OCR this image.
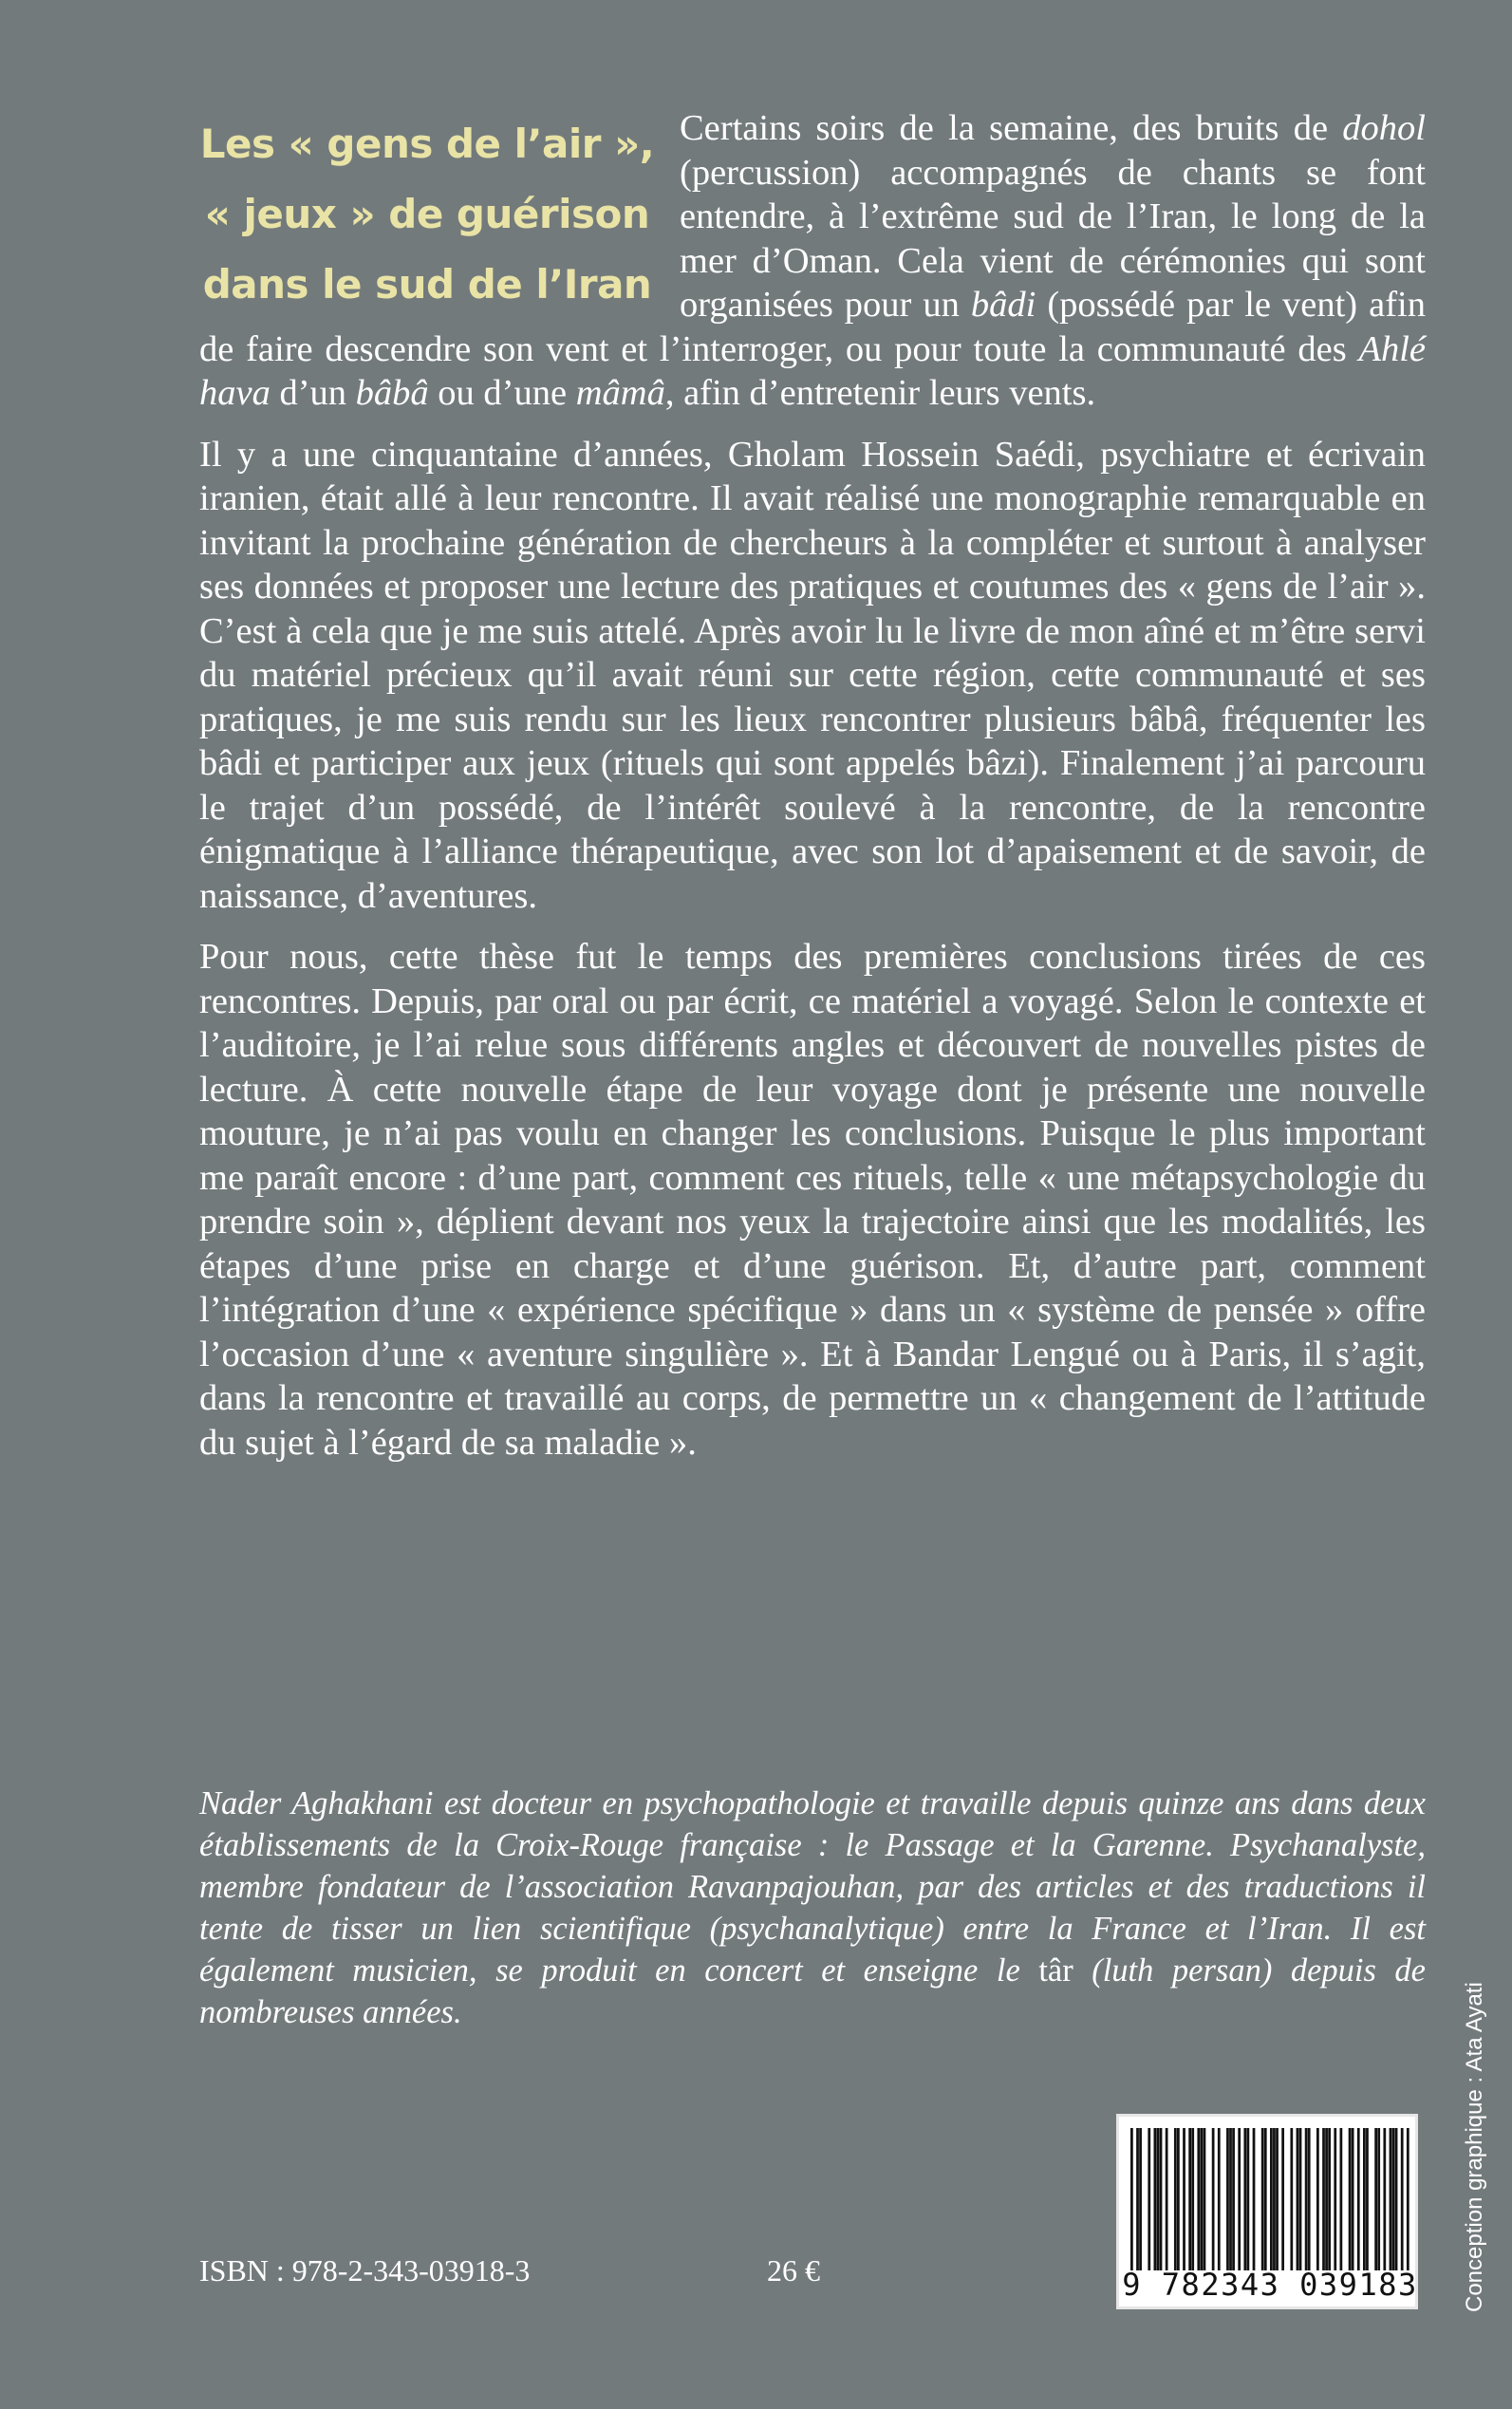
Les « gens de l’air »,
« jeux » de guérison
dans le sud de l’Iran

Certains soirs de la semaine, des bruits de dohol (percussion) accompagnés de chants se font entendre, à l’extrême sud de l’Iran, le long de la mer d’Oman. Cela vient de cérémonies qui sont organisées pour un bâdi (possédé par le vent) afin de faire descendre son vent et l’interroger, ou pour toute la communauté des Ahlé hava d’un bâbâ ou d’une mâmâ, afin d’entretenir leurs vents.

Il y a une cinquantaine d’années, Gholam Hossein Saédi, psychiatre et écrivain iranien, était allé à leur rencontre. Il avait réalisé une monographie remarquable en invitant la prochaine génération de chercheurs à la compléter et surtout à analyser ses données et proposer une lecture des pratiques et coutumes des « gens de l’air ». C’est à cela que je me suis attelé. Après avoir lu le livre de mon aîné et m’être servi du matériel précieux qu’il avait réuni sur cette région, cette communauté et ses pratiques, je me suis rendu sur les lieux rencontrer plusieurs bâbâ, fréquenter les bâdi et participer aux jeux (rituels qui sont appelés bâzi). Finalement j’ai parcouru le trajet d’un possédé, de l’intérêt soulevé à la rencontre, de la rencontre énigmatique à l’alliance thérapeutique, avec son lot d’apaisement et de savoir, de naissance, d’aventures.

Pour nous, cette thèse fut le temps des premières conclusions tirées de ces rencontres. Depuis, par oral ou par écrit, ce matériel a voyagé. Selon le contexte et l’auditoire, je l’ai relue sous différents angles et découvert de nouvelles pistes de lecture. À cette nouvelle étape de leur voyage dont je présente une nouvelle mouture, je n’ai pas voulu en changer les conclusions. Puisque le plus important me paraît encore : d’une part, comment ces rituels, telle « une métapsychologie du prendre soin », déplient devant nos yeux la trajectoire ainsi que les modalités, les étapes d’une prise en charge et d’une guérison. Et, d’autre part, comment l’intégration d’une « expérience spécifique » dans un « système de pensée » offre l’occasion d’une « aventure singulière ». Et à Bandar Lengué ou à Paris, il s’agit, dans la rencontre et travaillé au corps, de permettre un « changement de l’attitude du sujet à l’égard de sa maladie ».

Nader Aghakhani est docteur en psychopathologie et travaille depuis quinze ans dans deux établissements de la Croix-Rouge française : le Passage et la Garenne. Psychanalyste, membre fondateur de l’association Ravanpajouhan, par des articles et des traductions il tente de tisser un lien scientifique (psychanalytique) entre la France et l’Iran. Il est également musicien, se produit en concert et enseigne le târ (luth persan) depuis de nombreuses années.
ISBN : 978-2-343-03918-3	26 €	9 782343 039183 Conception graphique : Ata Ayati
